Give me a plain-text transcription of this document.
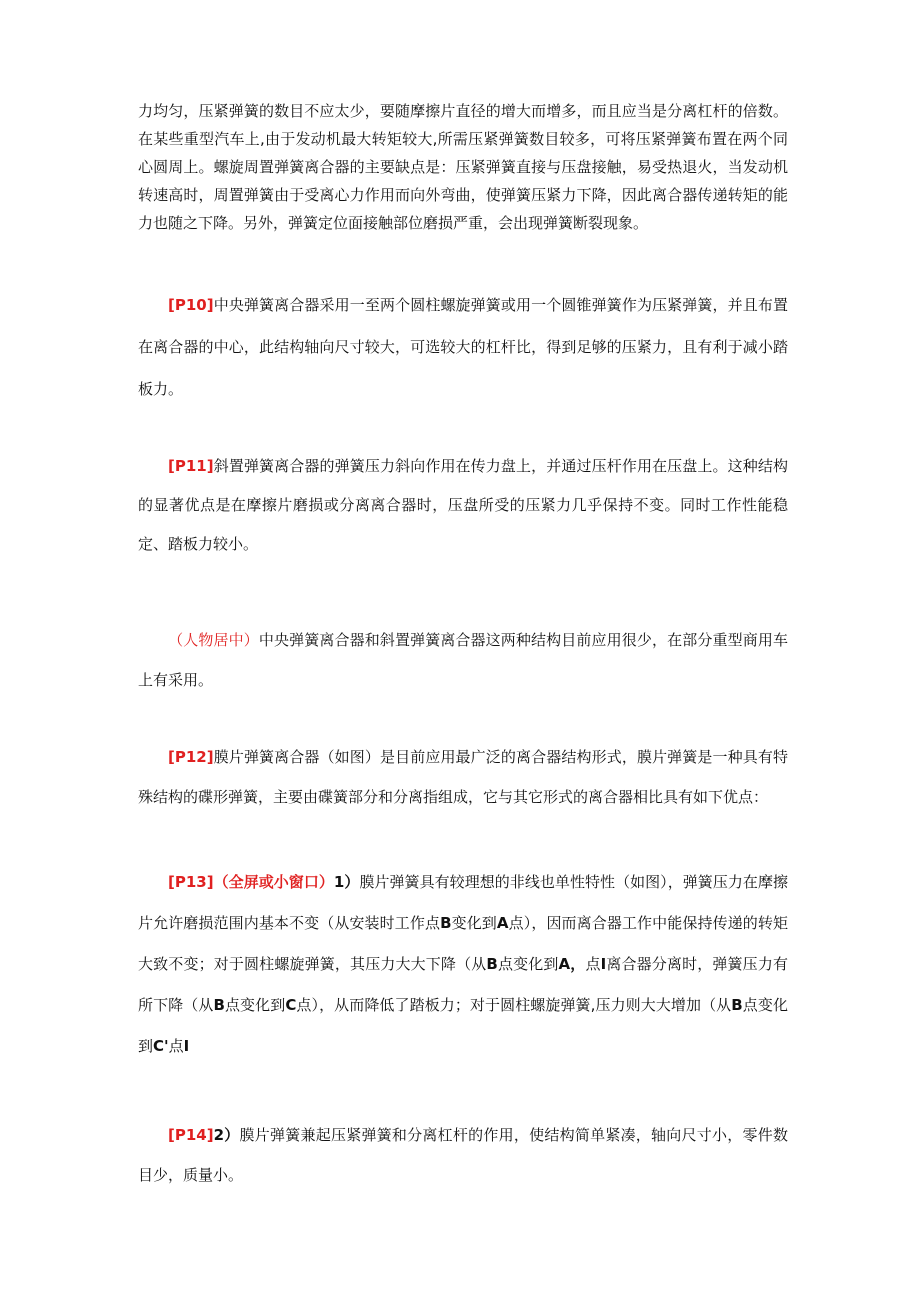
力均匀，压紧弹簧的数目不应太少，要随摩擦片直径的增大而增多，而且应当是分离杠杆的倍数。在某些重型汽车上,由于发动机最大转矩较大,所需压紧弹簧数目较多，可将压紧弹簧布置在两个同心圆周上。螺旋周置弹簧离合器的主要缺点是：压紧弹簧直接与压盘接触，易受热退火，当发动机转速高时，周置弹簧由于受离心力作用而向外弯曲，使弹簧压紧力下降，因此离合器传递转矩的能力也随之下降。另外，弹簧定位面接触部位磨损严重，会出现弹簧断裂现象。

[P10]中央弹簧离合器采用一至两个圆柱螺旋弹簧或用一个圆锥弹簧作为压紧弹簧，并且布置在离合器的中心，此结构轴向尺寸较大，可选较大的杠杆比，得到足够的压紧力，且有利于减小踏板力。

[P11]斜置弹簧离合器的弹簧压力斜向作用在传力盘上，并通过压杆作用在压盘上。这种结构的显著优点是在摩擦片磨损或分离离合器时，压盘所受的压紧力几乎保持不变。同时工作性能稳定、踏板力较小。

（人物居中）中央弹簧离合器和斜置弹簧离合器这两种结构目前应用很少，在部分重型商用车上有采用。

[P12]膜片弹簧离合器（如图）是目前应用最广泛的离合器结构形式，膜片弹簧是一种具有特殊结构的碟形弹簧，主要由碟簧部分和分离指组成，它与其它形式的离合器相比具有如下优点：

[P13]（全屏或小窗口）1）膜片弹簧具有较理想的非线也单性特性（如图），弹簧压力在摩擦片允许磨损范围内基本不变（从安装时工作点B变化到A点），因而离合器工作中能保持传递的转矩大致不变；对于圆柱螺旋弹簧，其压力大大下降（从B点变化到A，点I离合器分离时，弹簧压力有所下降（从B点变化到C点），从而降低了踏板力；对于圆柱螺旋弹簧,压力则大大增加（从B点变化到C'点I

[P14]2）膜片弹簧兼起压紧弹簧和分离杠杆的作用，使结构简单紧凑，轴向尺寸小，零件数目少，质量小。
